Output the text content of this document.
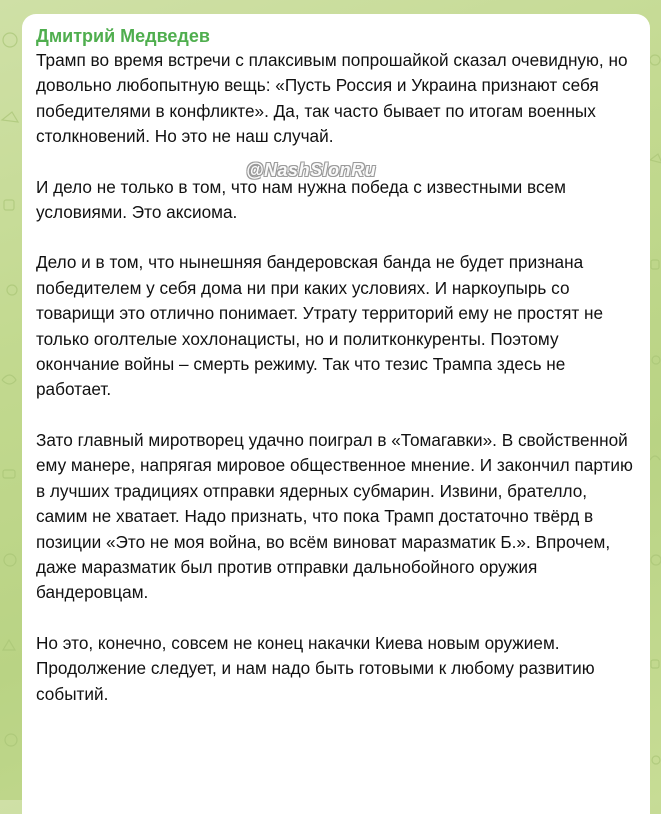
Дмитрий Медведев
Трамп во время встречи с плаксивым попрошайкой сказал очевидную, но довольно любопытную вещь: «Пусть Россия и Украина признают себя победителями в конфликте». Да, так часто бывает по итогам военных столкновений. Но это не наш случай.
И дело не только в том, что нам нужна победа с известными всем условиями. Это аксиома.
Дело и в том, что нынешняя бандеровская банда не будет признана победителем у себя дома ни при каких условиях. И наркоупырь со товарищи это отлично понимает. Утрату территорий ему не простят не только оголтелые хохлонацисты, но и политконкуренты. Поэтому окончание войны – смерть режиму. Так что тезис Трампа здесь не работает.
Зато главный миротворец удачно поиграл в «Томагавки». В свойственной ему манере, напрягая мировое общественное мнение. И закончил партию в лучших традициях отправки ядерных субмарин. Извини, брателло, самим не хватает. Надо признать, что пока Трамп достаточно твёрд в позиции «Это не моя война, во всём виноват маразматик Б.». Впрочем, даже маразматик был против отправки дальнобойного оружия бандеровцам.
Но это, конечно, совсем не конец накачки Киева новым оружием. Продолжение следует, и нам надо быть готовыми к любому развитию событий.
@NashSlonRu
